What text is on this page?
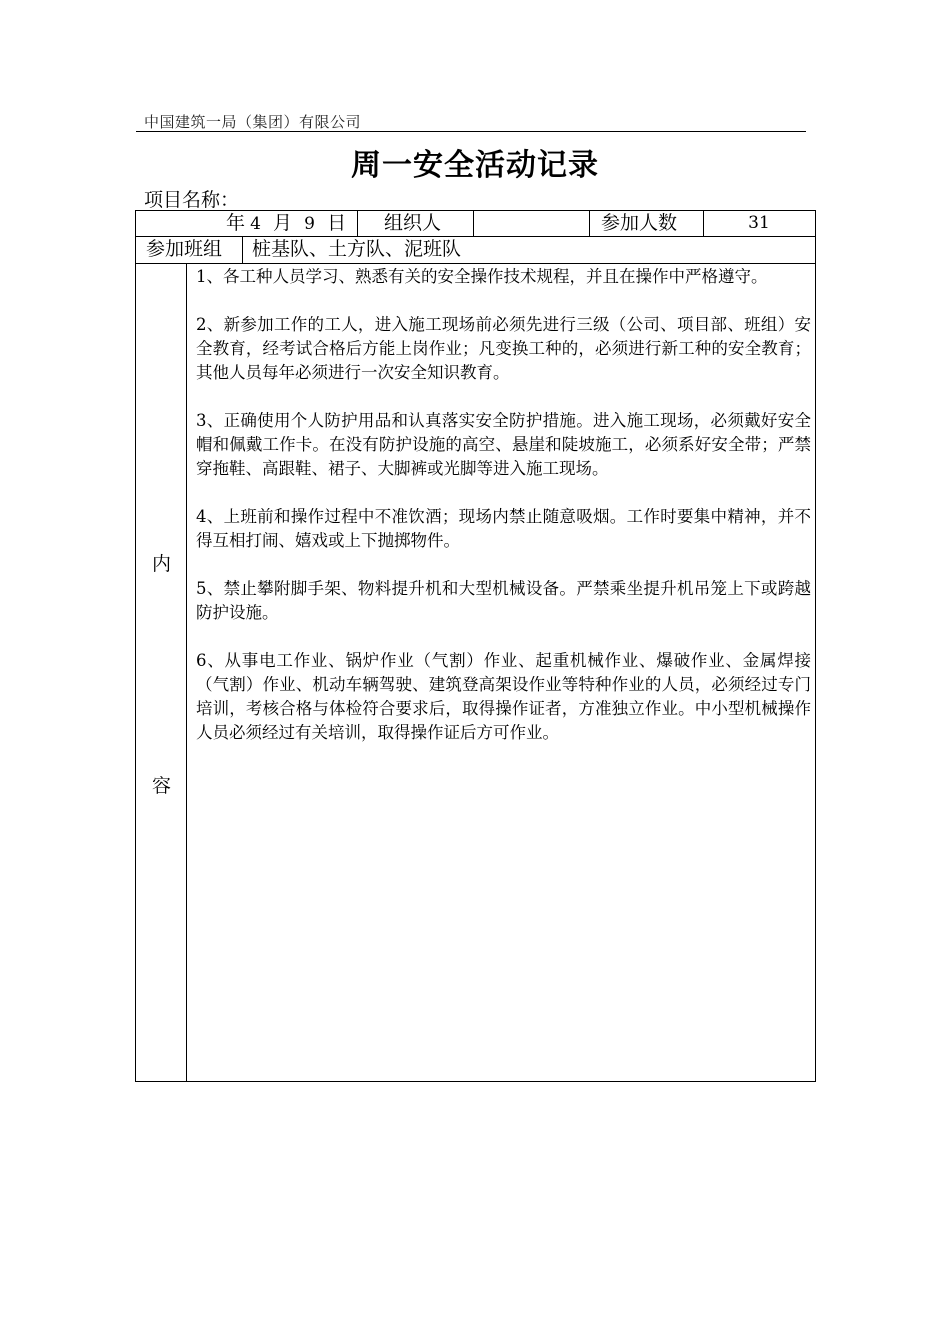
中国建筑一局（集团）有限公司
周一安全活动记录
项目名称：
年 4 月 9 日 组织人	参加人数	31
参加班组 桩基队、土方队、泥班队
内
容

1、各工种人员学习、熟悉有关的安全操作技术规程，并且在操作中严格遵守。

2、新参加工作的工人，进入施工现场前必须先进行三级（公司、项目部、班组）安全教育，经考试合格后方能上岗作业；凡变换工种的，必须进行新工种的安全教育；其他人员每年必须进行一次安全知识教育。

3、正确使用个人防护用品和认真落实安全防护措施。进入施工现场，必须戴好安全帽和佩戴工作卡。在没有防护设施的高空、悬崖和陡坡施工，必须系好安全带；严禁穿拖鞋、高跟鞋、裙子、大脚裤或光脚等进入施工现场。

4、上班前和操作过程中不准饮酒；现场内禁止随意吸烟。工作时要集中精神，并不得互相打闹、嬉戏或上下抛掷物件。

5、禁止攀附脚手架、物料提升机和大型机械设备。严禁乘坐提升机吊笼上下或跨越防护设施。

6、从事电工作业、锅炉作业（气割）作业、起重机械作业、爆破作业、金属焊接（气割）作业、机动车辆驾驶、建筑登高架设作业等特种作业的人员，必须经过专门培训，考核合格与体检符合要求后，取得操作证者，方准独立作业。中小型机械操作人员必须经过有关培训，取得操作证后方可作业。
